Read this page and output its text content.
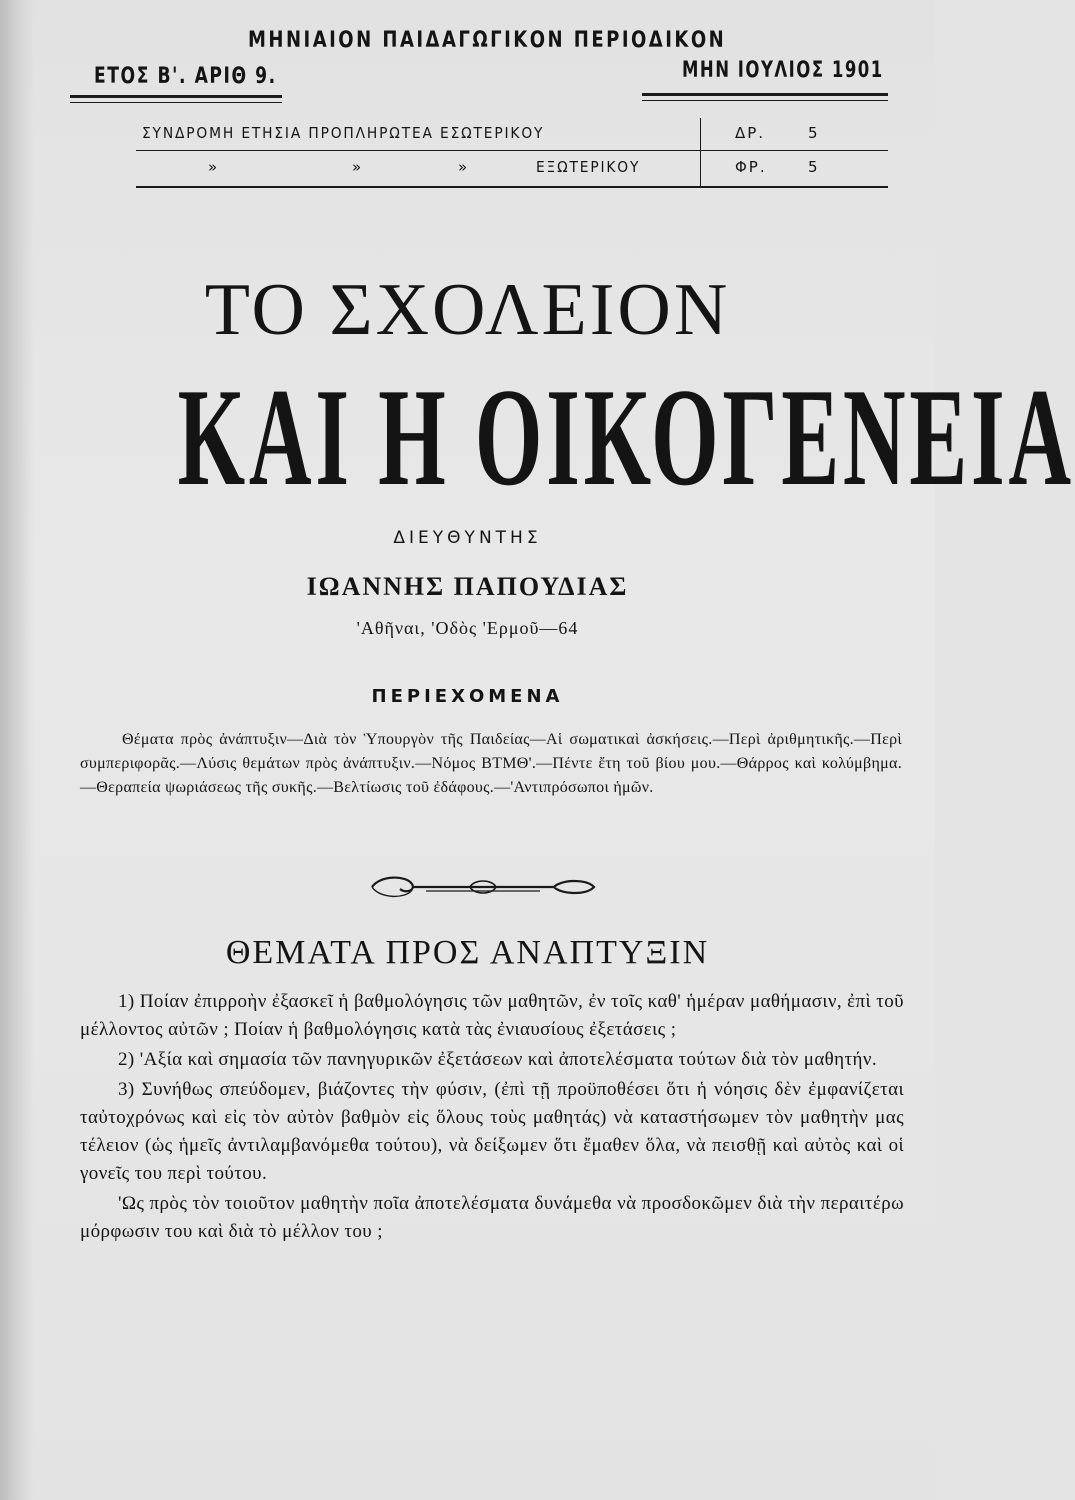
ΜΗΝΙΑΙΟΝ ΠΑΙΔΑΓΩΓΙΚΟΝ ΠΕΡΙΟΔΙΚΟΝ
ΕΤΟΣ Β'. ΑΡΙΘ 9.	ΜΗΝ ΙΟΥΛΙΟΣ 1901
ΣΥΝΔΡΟΜΗ ΕΤΗΣΙΑ ΠΡΟΠΛΗΡΩΤΕΑ ΕΣΩΤΕΡΙΚΟΥ	ΔΡ.	5
»	»	»	ΕΞΩΤΕΡΙΚΟΥ	ΦΡ.	5
ΤΟ ΣΧΟΛΕΙΟΝ
ΚΑΙ Η ΟΙΚΟΓΕΝΕΙΑ
ΔΙΕΥΘΥΝΤΗΣ
ΙΩΑΝΝΗΣ ΠΑΠΟΥΔΙΑΣ
'Αθῆναι, 'Οδὸς 'Ερμοῦ—64
ΠΕΡΙΕΧΟΜΕΝΑ
Θέματα πρὸς ἀνάπτυξιν—Διὰ τὸν Ὑπουργὸν τῆς Παιδείας—Αἱ σωματικαὶ ἀσκήσεις.—Περὶ ἀριθμητικῆς.—Περὶ συμπεριφορᾶς.—Λύσις θεμάτων πρὸς ἀνάπτυξιν.—Νόμος ΒΤΜΘ'.—Πέντε ἔτη τοῦ βίου μου.—Θάρρος καὶ κολύμβημα.—Θεραπεία ψωριάσεως τῆς συκῆς.—Βελτίωσις τοῦ ἐδάφους.—'Αντιπρόσωποι ἡμῶν.
ΘΕΜΑΤΑ ΠΡΟΣ ΑΝΑΠΤΥΞΙΝ

1) Ποίαν ἐπιρροὴν ἐξασκεῖ ἡ βαθμολόγησις τῶν μαθητῶν, ἐν τοῖς καθ' ἡμέραν μαθήμασιν, ἐπὶ τοῦ μέλλοντος αὐτῶν ; Ποίαν ἡ βαθμολόγησις κατὰ τὰς ἐνιαυσίους ἐξετάσεις ;

2) 'Αξία καὶ σημασία τῶν πανηγυρικῶν ἐξετάσεων καὶ ἀποτελέσματα τούτων διὰ τὸν μαθητήν.

3) Συνήθως σπεύδομεν, βιάζοντες τὴν φύσιν, (ἐπὶ τῇ προϋποθέσει ὅτι ἡ νόησις δὲν ἐμφανίζεται ταὐτοχρόνως καὶ εἰς τὸν αὐτὸν βαθμὸν εἰς ὅλους τοὺς μαθητάς) νὰ καταστήσωμεν τὸν μαθητὴν μας τέλειον (ὡς ἡμεῖς ἀντιλαμβανόμεθα τούτου), νὰ δείξωμεν ὅτι ἔμαθεν ὅλα, νὰ πεισθῇ καὶ αὐτὸς καὶ οἱ γονεῖς του περὶ τούτου.

'Ως πρὸς τὸν τοιοῦτον μαθητὴν ποῖα ἀποτελέσματα δυνάμεθα νὰ προσδοκῶμεν διὰ τὴν περαιτέρω μόρφωσιν του καὶ διὰ τὸ μέλλον του ;
